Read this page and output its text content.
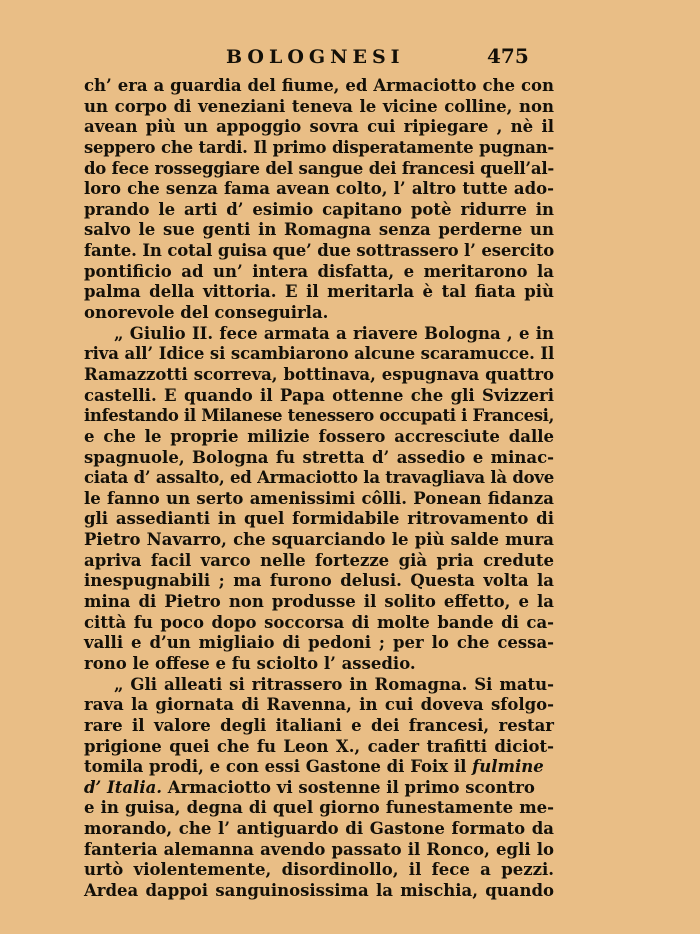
BOLOGNESI	475
ch’ era a guardia del fiume, ed Armaciotto che con
un corpo di veneziani teneva le vicine colline, non
avean più un appoggio sovra cui ripiegare , nè il
seppero che tardi. Il primo disperatamente pugnan-
do fece rosseggiare del sangue dei francesi quell’al-
loro che senza fama avean colto, l’ altro tutte ado-
prando le arti d’ esimio capitano potè ridurre in
salvo le sue genti in Romagna senza perderne un
fante. In cotal guisa que’ due sottrassero l’ esercito
pontificio ad un’ intera disfatta, e meritarono la
palma della vittoria. E il meritarla è tal fiata più
onorevole del conseguirla.
„ Giulio II. fece armata a riavere Bologna , e in
riva all’ Idice si scambiarono alcune scaramucce. Il
Ramazzotti scorreva, bottinava, espugnava quattro
castelli. E quando il Papa ottenne che gli Svizzeri
infestando il Milanese tenessero occupati i Francesi,
e che le proprie milizie fossero accresciute dalle
spagnuole, Bologna fu stretta d’ assedio e minac-
ciata d’ assalto, ed Armaciotto la travagliava là dove
le fanno un serto amenissimi côlli. Ponean fidanza
gli assedianti in quel formidabile ritrovamento di
Pietro Navarro, che squarciando le più salde mura
apriva facil varco nelle fortezze già pria credute
inespugnabili ; ma furono delusi. Questa volta la
mina di Pietro non produsse il solito effetto, e la
città fu poco dopo soccorsa di molte bande di ca-
valli e d’un migliaio di pedoni ; per lo che cessa-
rono le offese e fu sciolto l’ assedio.
„ Gli alleati si ritrassero in Romagna. Si matu-
rava la giornata di Ravenna, in cui doveva sfolgo-
rare il valore degli italiani e dei francesi, restar
prigione quei che fu Leon X., cader trafitti diciot-
tomila prodi, e con essi Gastone di Foix il fulmine
d’ Italia. Armaciotto vi sostenne il primo scontro
e in guisa, degna di quel giorno funestamente me-
morando, che l’ antiguardo di Gastone formato da
fanteria alemanna avendo passato il Ronco, egli lo
urtò violentemente, disordinollo, il fece a pezzi.
Ardea dappoi sanguinosissima la mischia, quando
